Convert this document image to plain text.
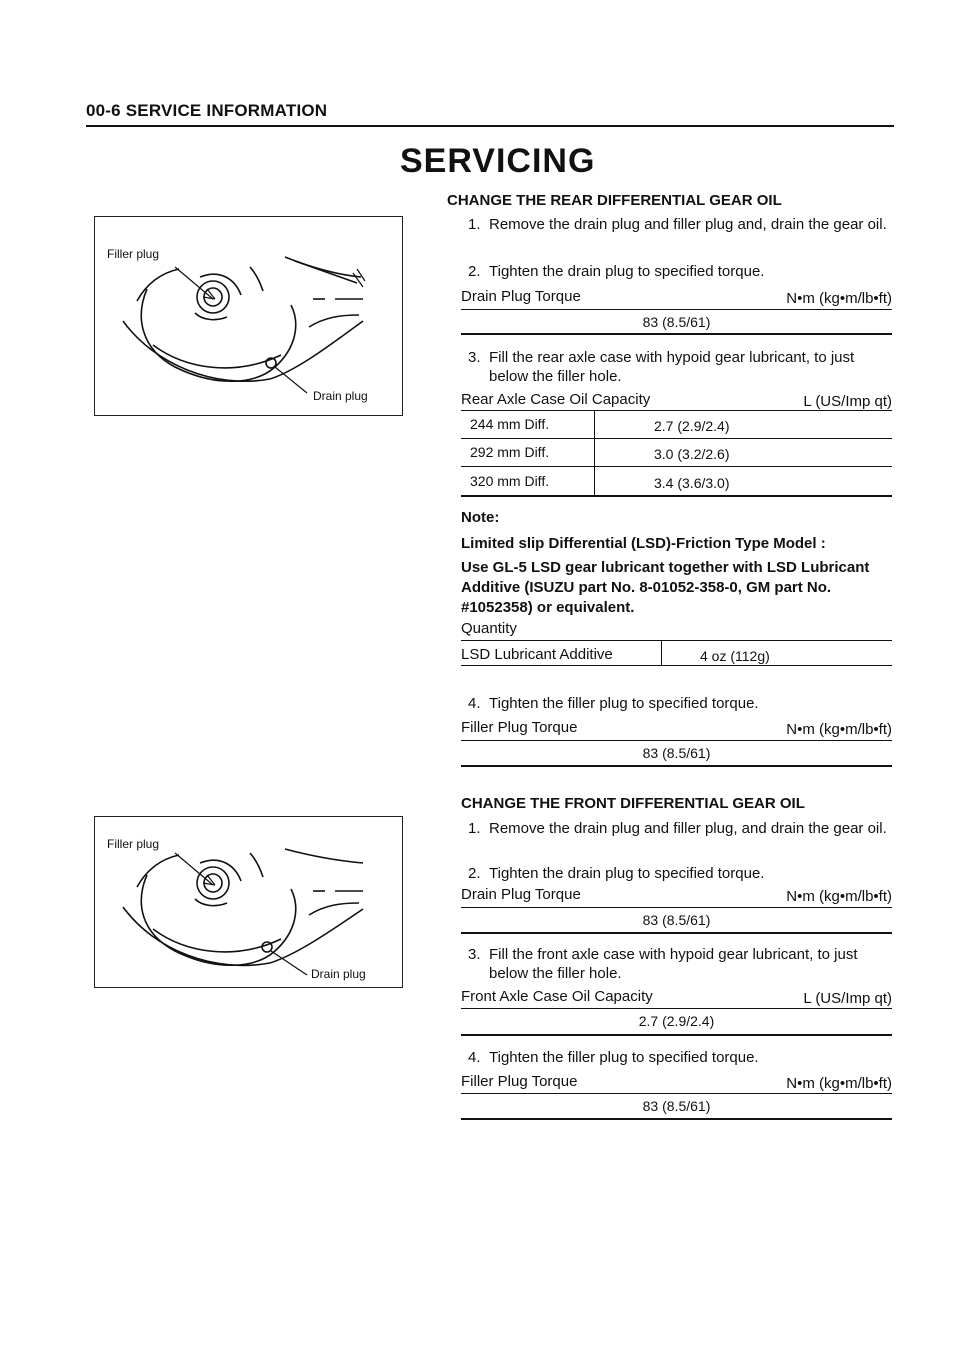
00-6 SERVICE INFORMATION
SERVICING
Filler plug
Drain plug
Filler plug
Drain plug
CHANGE THE REAR DIFFERENTIAL GEAR OIL
1. Remove the drain plug and filler plug and, drain the gear oil.
2. Tighten the drain plug to specified torque.
Drain Plug Torque	N•m (kg•m/lb•ft)
83 (8.5/61)
3. Fill the rear axle case with hypoid gear lubricant, to just below the filler hole.
Rear Axle Case Oil Capacity	L (US/Imp qt)
244 mm Diff.	2.7 (2.9/2.4)
292 mm Diff.	3.0 (3.2/2.6)
320 mm Diff.	3.4 (3.6/3.0)
Note:
Limited slip Differential (LSD)-Friction Type Model :
Use GL-5 LSD gear lubricant together with LSD Lubricant Additive (ISUZU part No. 8-01052-358-0, GM part No. #1052358) or equivalent.
Quantity
LSD Lubricant Additive	4 oz (112g)
4. Tighten the filler plug to specified torque.
Filler Plug Torque	N•m (kg•m/lb•ft)
83 (8.5/61)
CHANGE THE FRONT DIFFERENTIAL GEAR OIL
1. Remove the drain plug and filler plug, and drain the gear oil.
2. Tighten the drain plug to specified torque.
Drain Plug Torque	N•m (kg•m/lb•ft)
83 (8.5/61)
3. Fill the front axle case with hypoid gear lubricant, to just below the filler hole.
Front Axle Case Oil Capacity	L (US/Imp qt)
2.7 (2.9/2.4)
4. Tighten the filler plug to specified torque.
Filler Plug Torque	N•m (kg•m/lb•ft)
83 (8.5/61)
